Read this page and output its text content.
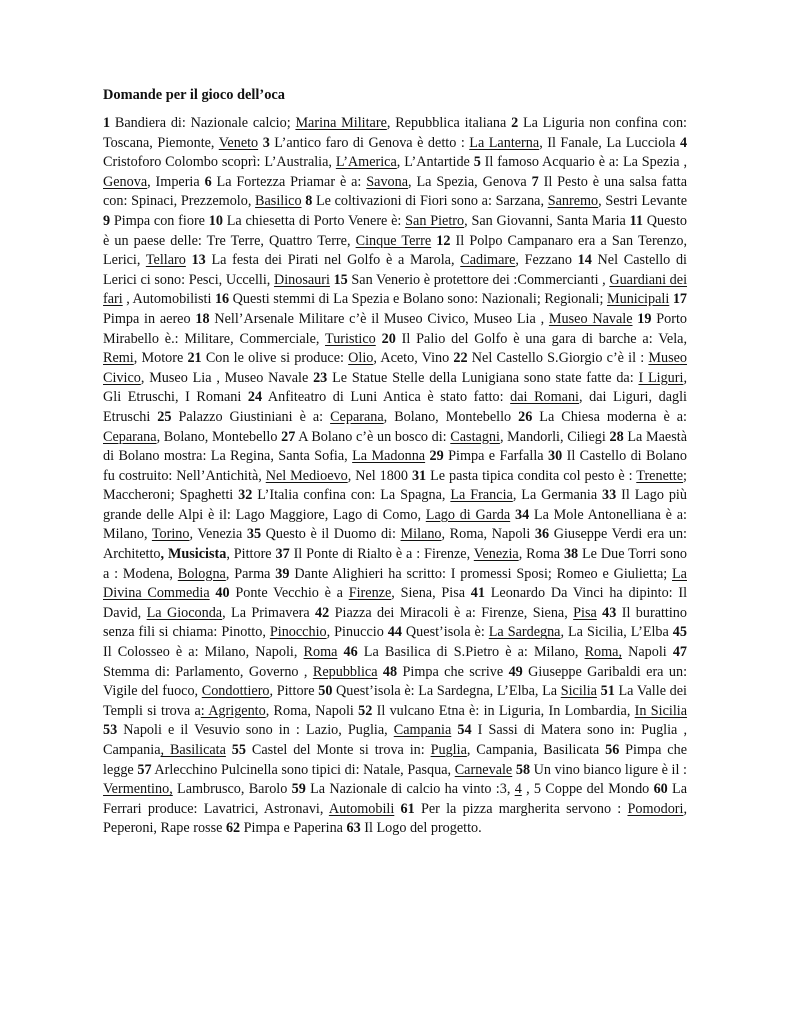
Domande per il gioco dell’oca

1 Bandiera di: Nazionale calcio; Marina Militare, Repubblica italiana 2 La Liguria non confina con: Toscana, Piemonte, Veneto 3 L’antico faro di Genova è detto : La Lanterna, Il Fanale, La Lucciola 4 Cristoforo Colombo scoprì: L’Australia, L’America, L’Antartide 5 Il famoso Acquario è a: La Spezia , Genova, Imperia 6 La Fortezza Priamar è a: Savona, La Spezia, Genova 7 Il Pesto è una salsa fatta con: Spinaci, Prezzemolo, Basilico 8 Le coltivazioni di Fiori sono a: Sarzana, Sanremo, Sestri Levante 9 Pimpa con fiore 10 La chiesetta di Porto Venere è: San Pietro, San Giovanni, Santa Maria 11 Questo è un paese delle: Tre Terre, Quattro Terre, Cinque Terre 12 Il Polpo Campanaro era a San Terenzo, Lerici, Tellaro 13 La festa dei Pirati nel Golfo è a Marola, Cadimare, Fezzano 14 Nel Castello di Lerici ci sono: Pesci, Uccelli, Dinosauri 15 San Venerio è protettore dei :Commercianti , Guardiani dei fari , Automobilisti 16 Questi stemmi di La Spezia e Bolano sono: Nazionali; Regionali; Municipali 17 Pimpa in aereo 18 Nell’Arsenale Militare c’è il Museo Civico, Museo Lia , Museo Navale 19 Porto Mirabello è.: Militare, Commerciale, Turistico 20 Il Palio del Golfo è una gara di barche a: Vela, Remi, Motore 21 Con le olive si produce: Olio, Aceto, Vino 22 Nel Castello S.Giorgio c’è il : Museo Civico, Museo Lia , Museo Navale 23 Le Statue Stelle della Lunigiana sono state fatte da: I Liguri, Gli Etruschi, I Romani 24 Anfiteatro di Luni Antica è stato fatto: dai Romani, dai Liguri, dagli Etruschi 25 Palazzo Giustiniani è a: Ceparana, Bolano, Montebello 26 La Chiesa moderna è a: Ceparana, Bolano, Montebello 27 A Bolano c’è un bosco di: Castagni, Mandorli, Ciliegi 28 La Maestà di Bolano mostra: La Regina, Santa Sofia, La Madonna 29 Pimpa e Farfalla 30 Il Castello di Bolano fu costruito: Nell’Antichità, Nel Medioevo, Nel 1800 31 Le pasta tipica condita col pesto è : Trenette; Maccheroni; Spaghetti 32 L’Italia confina con: La Spagna, La Francia, La Germania 33 Il Lago più grande delle Alpi è il: Lago Maggiore, Lago di Como, Lago di Garda 34 La Mole Antonelliana è a: Milano, Torino, Venezia 35 Questo è il Duomo di: Milano, Roma, Napoli 36 Giuseppe Verdi era un: Architetto, Musicista, Pittore 37 Il Ponte di Rialto è a : Firenze, Venezia, Roma 38 Le Due Torri sono a : Modena, Bologna, Parma 39 Dante Alighieri ha scritto: I promessi Sposi; Romeo e Giulietta; La Divina Commedia 40 Ponte Vecchio è a Firenze, Siena, Pisa 41 Leonardo Da Vinci ha dipinto: Il David, La Gioconda, La Primavera 42 Piazza dei Miracoli è a: Firenze, Siena, Pisa 43 Il burattino senza fili si chiama: Pinotto, Pinocchio, Pinuccio 44 Quest’isola è: La Sardegna, La Sicilia, L’Elba 45 Il Colosseo è a: Milano, Napoli, Roma 46 La Basilica di S.Pietro è a: Milano, Roma, Napoli 47 Stemma di: Parlamento, Governo , Repubblica 48 Pimpa che scrive 49 Giuseppe Garibaldi era un: Vigile del fuoco, Condottiero, Pittore 50 Quest’isola è: La Sardegna, L’Elba, La Sicilia 51 La Valle dei Templi si trova a: Agrigento, Roma, Napoli 52 Il vulcano Etna è: in Liguria, In Lombardia, In Sicilia 53 Napoli e il Vesuvio sono in : Lazio, Puglia, Campania 54 I Sassi di Matera sono in: Puglia , Campania, Basilicata 55 Castel del Monte si trova in: Puglia, Campania, Basilicata 56 Pimpa che legge 57 Arlecchino Pulcinella sono tipici di: Natale, Pasqua, Carnevale 58 Un vino bianco ligure è il : Vermentino, Lambrusco, Barolo 59 La Nazionale di calcio ha vinto :3, 4 , 5 Coppe del Mondo 60 La Ferrari produce: Lavatrici, Astronavi, Automobili 61 Per la pizza margherita servono : Pomodori, Peperoni, Rape rosse 62 Pimpa e Paperina 63 Il Logo del progetto.
